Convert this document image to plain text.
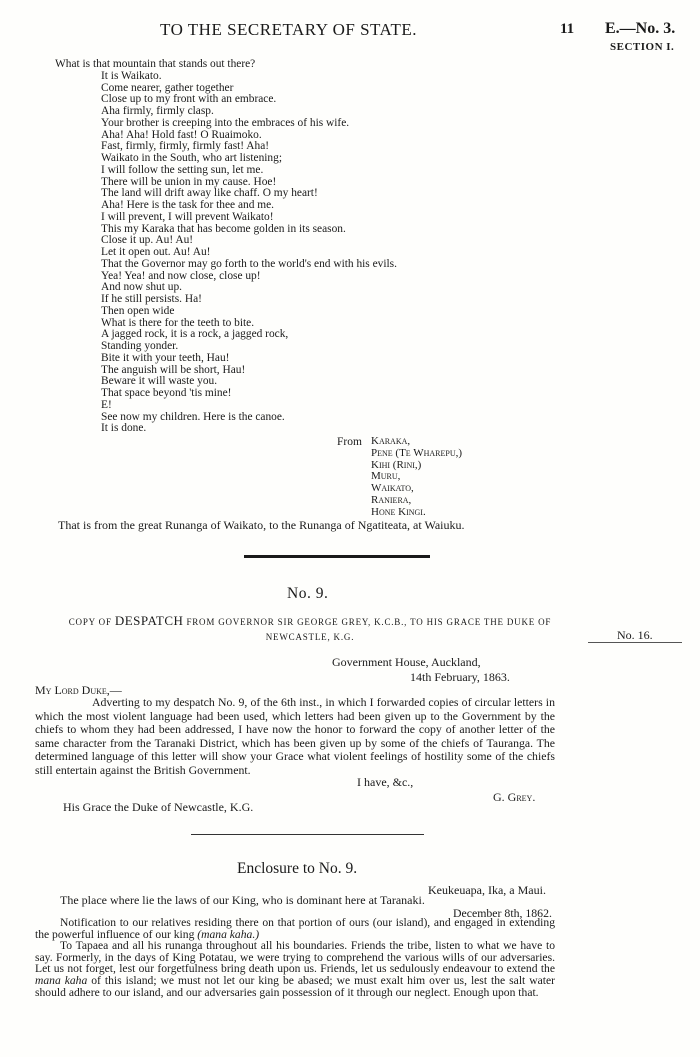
TO THE SECRETARY OF STATE.	11 E.—No. 3.
SECTION I.
What is that mountain that stands out there?
It is Waikato.
Come nearer, gather together
Close up to my front with an embrace.
Aha firmly, firmly clasp.
Your brother is creeping into the embraces of his wife.
Aha! Aha! Hold fast! O Ruaimoko.
Fast, firmly, firmly, firmly fast! Aha!
Waikato in the South, who art listening;
I will follow the setting sun, let me.
There will be union in my cause. Hoe!
The land will drift away like chaff. O my heart!
Aha! Here is the task for thee and me.
I will prevent, I will prevent Waikato!
This my Karaka that has become golden in its season.
Close it up. Au! Au!
Let it open out. Au! Au!
That the Governor may go forth to the world's end with his evils.
Yea! Yea! and now close, close up!
And now shut up.
If he still persists. Ha!
Then open wide
What is there for the teeth to bite.
A jagged rock, it is a rock, a jagged rock,
Standing yonder.
Bite it with your teeth, Hau!
The anguish will be short, Hau!
Beware it will waste you.
That space beyond 'tis mine!
E!
See now my children. Here is the canoe.
It is done.
From Karaka,
Pene (Te Wharepu,)
Kihi (Rini,)
Muru,
Waikato,
Raniera,
Hone Kingi.
That is from the great Runanga of Waikato, to the Runanga of Ngatiteata, at Waiuku.
No. 9.
COPY OF DESPATCH FROM GOVERNOR SIR GEORGE GREY, K.C.B., TO HIS GRACE THE DUKE OF
NEWCASTLE, K.G.	No. 16.
Government House, Auckland,
14th February, 1863.
My Lord Duke,—

Adverting to my despatch No. 9, of the 6th inst., in which I forwarded copies of circular letters in which the most violent language had been used, which letters had been given up to the Government by the chiefs to whom they had been addressed, I have now the honor to forward the copy of another letter of the same character from the Taranaki District, which has been given up by some of the chiefs of Tauranga. The determined language of this letter will show your Grace what violent feelings of hostility some of the chiefs still entertain against the British Government.

I have, &c.,
G. Grey.
His Grace the Duke of Newcastle, K.G.
Enclosure to No. 9.
Keukeuapa, Ika, a Maui.
The place where lie the laws of our King, who is dominant here at Taranaki.
December 8th, 1862.

Notification to our relatives residing there on that portion of ours (our island), and engaged in extending the powerful influence of our king (mana kaha.)

To Tapaea and all his runanga throughout all his boundaries. Friends the tribe, listen to what we have to say. Formerly, in the days of King Potatau, we were trying to comprehend the various wills of our adversaries. Let us not forget, lest our forgetfulness bring death upon us. Friends, let us sedulously endeavour to extend the mana kaha of this island; we must not let our king be abased; we must exalt him over us, lest the salt water should adhere to our island, and our adversaries gain possession of it through our neglect. Enough upon that.
